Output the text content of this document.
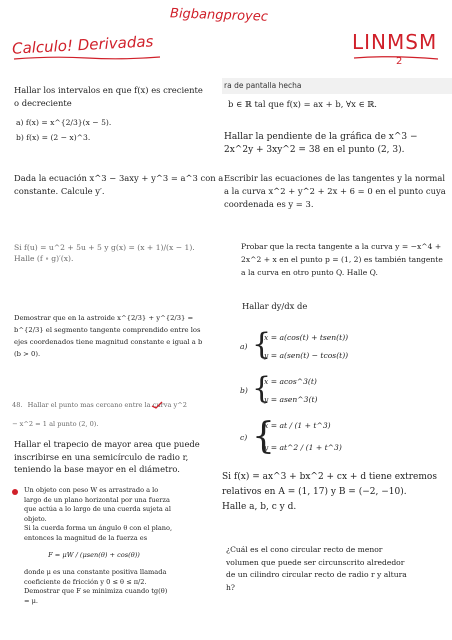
Bigbangproyec
Calculo! Derivadas	LINMSM
2
Hallar los intervalos en que f(x) es creciente o decreciente
a) f(x) = x^{2/3}(x − 5).
b) f(x) = (2 − x)^3.
Dada la ecuación x^3 − 3axy + y^3 = a^3 con a constante. Calcule y′.
Si f(u) = u^2 + 5u + 5 y g(x) = (x + 1)/(x − 1).
Halle (f ∘ g)′(x).
Demostrar que en la astroide x^{2/3} + y^{2/3} = b^{2/3} el segmento tangente comprendido entre los ejes coordenados tiene magnitud constante e igual a b (b > 0).
48. Hallar el punto mas cercano entre la curva y^2 − x^2 = 1 al punto (2, 0).
Hallar el trapecio de mayor area que puede inscribirse en una semicírculo de radio r, teniendo la base mayor en el diámetro.
Un objeto con peso W es arrastrado a lo largo de un plano horizontal por una fuerza que actúa a lo largo de una cuerda sujeta al objeto.
Si la cuerda forma un ángulo θ con el plano, entonces la magnitud de la fuerza es
F = μW / (μsen(θ) + cos(θ))
donde μ es una constante positiva llamada coeficiente de fricción y 0 ≤ θ ≤ π/2.
Demostrar que F se minimiza cuando tg(θ) = μ.
ra de pantalla hecha
b ∈ ℝ tal que f(x) = ax + b, ∀x ∈ ℝ.
Hallar la pendiente de la gráfica de x^3 − 2x^2y + 3xy^2 = 38 en el punto (2, 3).
Escribir las ecuaciones de las tangentes y la normal a la curva x^2 + y^2 + 2x + 6 = 0 en el punto cuya coordenada es y = 3.
Probar que la recta tangente a la curva y = −x^4 + 2x^2 + x en el punto p = (1, 2) es también tangente a la curva en otro punto Q. Halle Q.
Hallar dy/dx de
a) {
x = a(cos(t) + tsen(t))
y = a(sen(t) − tcos(t))
b) {
x = acos^3(t)
y = asen^3(t)
c) {
x = at / (1 + t^3)
y = at^2 / (1 + t^3)
Si f(x) = ax^3 + bx^2 + cx + d tiene extremos relativos en A = (1, 17) y B = (−2, −10).
Halle a, b, c y d.
¿Cuál es el cono circular recto de menor volumen que puede ser circunscrito alrededor de un cilindro circular recto de radio r y altura h?
